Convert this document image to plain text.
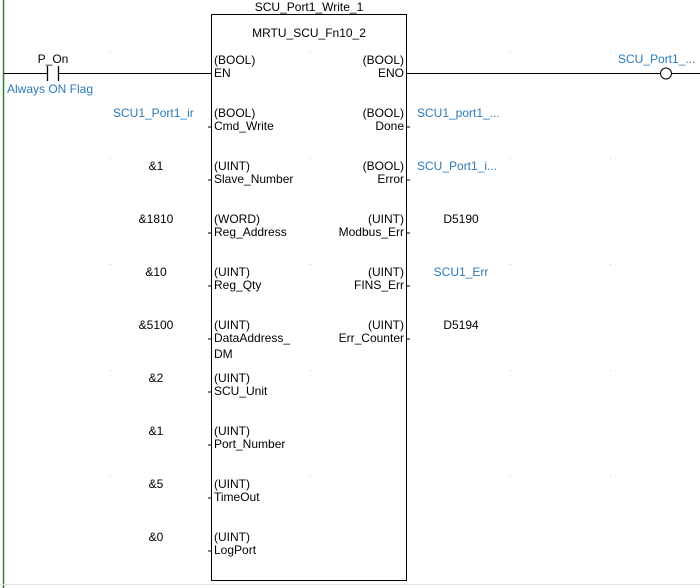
SCU_Port1_Write_1
MRTU_SCU_Fn10_2
P_On
Always ON Flag
SCU_Port1_...
(BOOL)
EN
(BOOL)
Cmd_Write
(UINT)
Slave_Number
(WORD)
Reg_Address
(UINT)
Reg_Qty
(UINT)
DataAddress_
DM
(UINT)
SCU_Unit
(UINT)
Port_Number
(UINT)
TimeOut
(UINT)
LogPort
(BOOL)
ENO
(BOOL)
Done
(BOOL)
Error
(UINT)
Modbus_Err
(UINT)
FINS_Err
(UINT)
Err_Counter
SCU1_Port1_ir
&1
&1810
&10
&5100
&2
&1
&5
&0
SCU1_port1_...
SCU_Port1_i...
D5190
SCU1_Err
D5194
